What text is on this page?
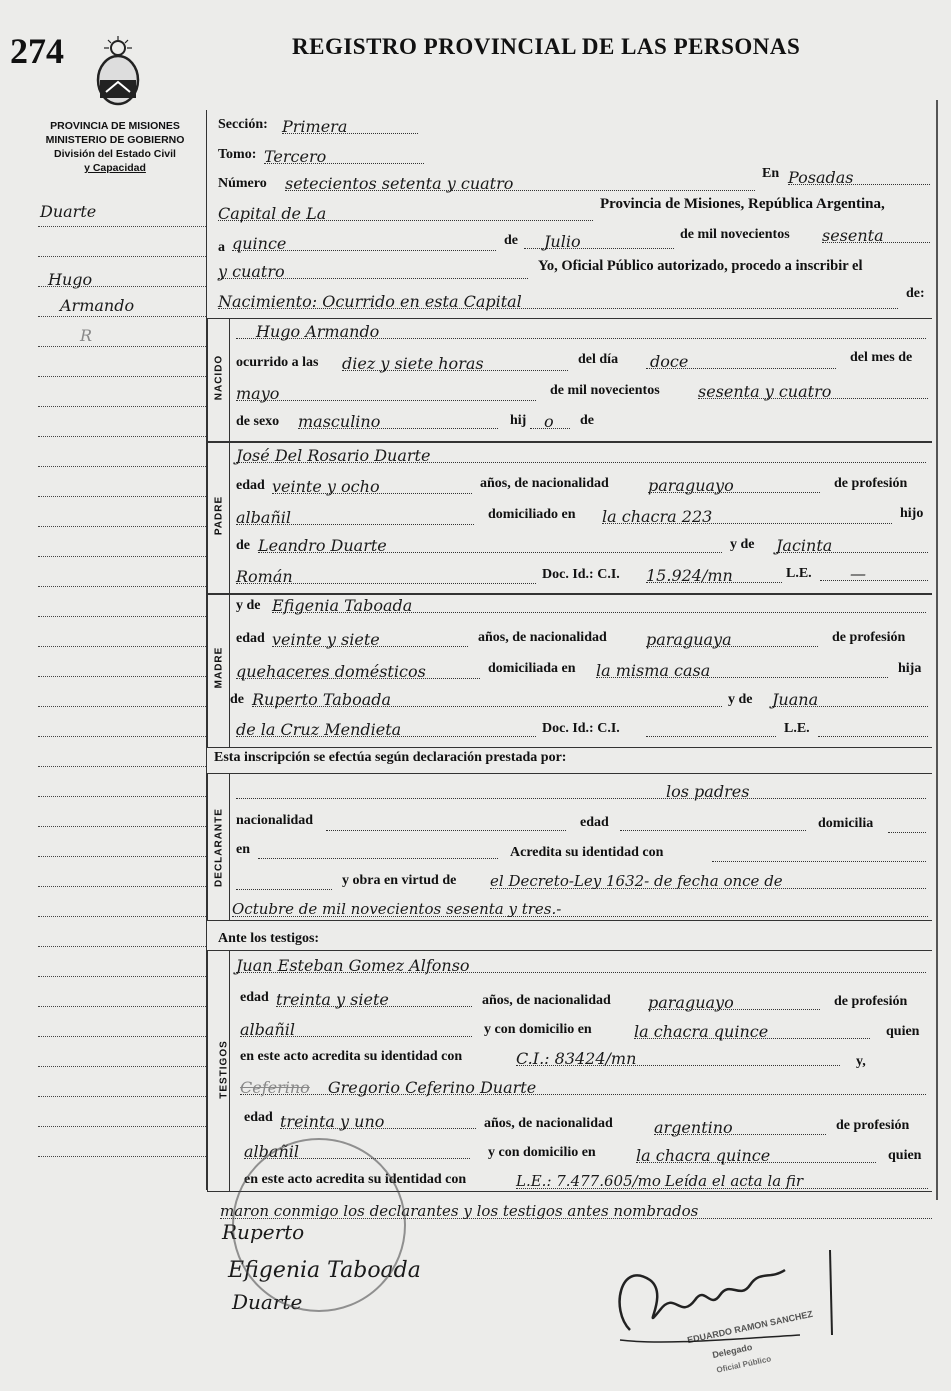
274	REGISTRO PROVINCIAL DE LAS PERSONAS
PROVINCIA DE MISIONES
MINISTERIO DE GOBIERNO
División del Estado Civil
y Capacidad
Duarte
Hugo
Armando
R
Sección: Primera
Tomo: Tercero
Número setecientos setenta y cuatro
En Posadas
Capital de La	Provincia de Misiones, República Argentina,
a quince	de	Julio	de mil novecientos sesenta
y cuatro	Yo, Oficial Público autorizado, procedo a inscribir el
Nacimiento: Ocurrido en esta Capital	de:
NACIDO
Hugo Armando
ocurrido a las diez y siete horas	del día doce	del mes de
mayo	de mil novecientos sesenta y cuatro
de sexo masculino	hij	o	de
PADRE
José Del Rosario Duarte
edad veinte y ocho	años, de nacionalidad paraguayo	de profesión
albañil	domiciliado en la chacra 223	hijo
de Leandro Duarte	y de Jacinta
Román	Doc. Id.: C.I. 15.924/mn	L.E.	—
MADRE
y de Efigenia Taboada
edad veinte y siete	años, de nacionalidad paraguaya	de profesión
quehaceres domésticos	domiciliada en la misma casa	hija
de Ruperto Taboada	y de Juana
de la Cruz Mendieta	Doc. Id.: C.I.	L.E.
Esta inscripción se efectúa según declaración prestada por:
DECLARANTE
los padres
nacionalidad	edad	domicilia
en	Acredita su identidad con
y obra en virtud de el Decreto-Ley 1632- de fecha once de
Octubre de mil novecientos sesenta y tres.-
Ante los testigos:
TESTIGOS
Juan Esteban Gomez Alfonso
edad treinta y siete	años, de nacionalidad paraguayo	de profesión
albañil	y con domicilio en	la chacra quince	quien
en este acto acredita su identidad con	C.I.: 83424/mn	y,
Ceferino Gregorio Ceferino Duarte
edad treinta y uno	años, de nacionalidad	argentino	de profesión
albañil	y con domicilio en	la chacra quince	quien
en este acto acredita su identidad con	L.E.: 7.477.605/mo Leída el acta la fir
maron conmigo los declarantes y los testigos antes nombrados
Ruperto
Efigenia Taboada
Duarte
EDUARDO RAMON SANCHEZ
Delegado
Oficial Público
